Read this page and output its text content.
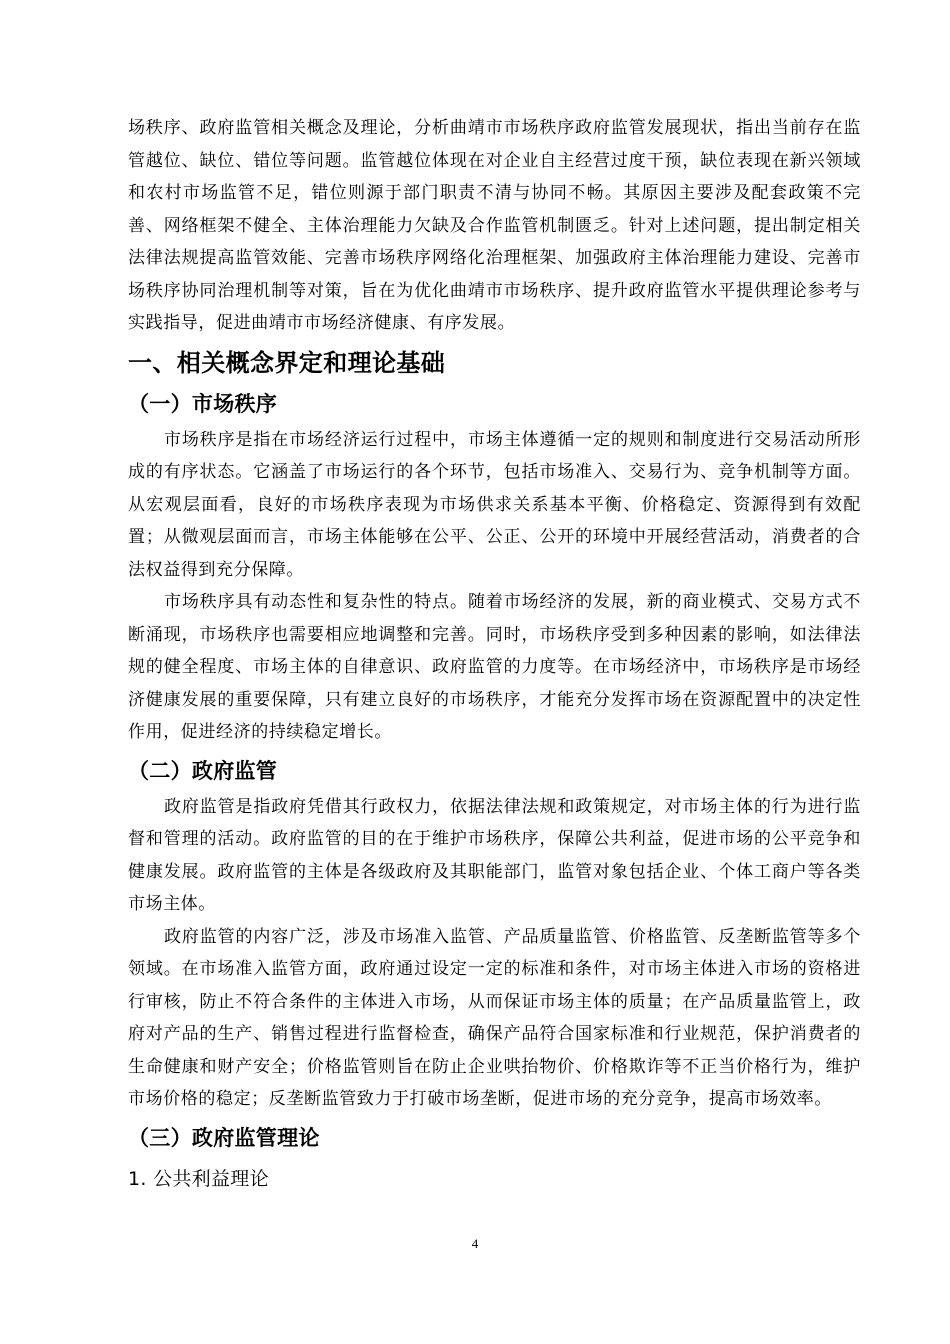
场秩序、政府监管相关概念及理论，分析曲靖市市场秩序政府监管发展现状，指出当前存在监管越位、缺位、错位等问题。监管越位体现在对企业自主经营过度干预，缺位表现在新兴领域和农村市场监管不足，错位则源于部门职责不清与协同不畅。其原因主要涉及配套政策不完善、网络框架不健全、主体治理能力欠缺及合作监管机制匮乏。针对上述问题，提出制定相关法律法规提高监管效能、完善市场秩序网络化治理框架、加强政府主体治理能力建设、完善市场秩序协同治理机制等对策，旨在为优化曲靖市市场秩序、提升政府监管水平提供理论参考与实践指导，促进曲靖市市场经济健康、有序发展。

一、相关概念界定和理论基础
（一）市场秩序

市场秩序是指在市场经济运行过程中，市场主体遵循一定的规则和制度进行交易活动所形成的有序状态。它涵盖了市场运行的各个环节，包括市场准入、交易行为、竞争机制等方面。从宏观层面看，良好的市场秩序表现为市场供求关系基本平衡、价格稳定、资源得到有效配置；从微观层面而言，市场主体能够在公平、公正、公开的环境中开展经营活动，消费者的合法权益得到充分保障。

市场秩序具有动态性和复杂性的特点。随着市场经济的发展，新的商业模式、交易方式不断涌现，市场秩序也需要相应地调整和完善。同时，市场秩序受到多种因素的影响，如法律法规的健全程度、市场主体的自律意识、政府监管的力度等。在市场经济中，市场秩序是市场经济健康发展的重要保障，只有建立良好的市场秩序，才能充分发挥市场在资源配置中的决定性作用，促进经济的持续稳定增长。

（二）政府监管

政府监管是指政府凭借其行政权力，依据法律法规和政策规定，对市场主体的行为进行监督和管理的活动。政府监管的目的在于维护市场秩序，保障公共利益，促进市场的公平竞争和健康发展。政府监管的主体是各级政府及其职能部门，监管对象包括企业、个体工商户等各类市场主体。

政府监管的内容广泛，涉及市场准入监管、产品质量监管、价格监管、反垄断监管等多个领域。在市场准入监管方面，政府通过设定一定的标准和条件，对市场主体进入市场的资格进行审核，防止不符合条件的主体进入市场，从而保证市场主体的质量；在产品质量监管上，政府对产品的生产、销售过程进行监督检查，确保产品符合国家标准和行业规范，保护消费者的生命健康和财产安全；价格监管则旨在防止企业哄抬物价、价格欺诈等不正当价格行为，维护市场价格的稳定；反垄断监管致力于打破市场垄断，促进市场的充分竞争，提高市场效率。

（三）政府监管理论
1. 公共利益理论
4
